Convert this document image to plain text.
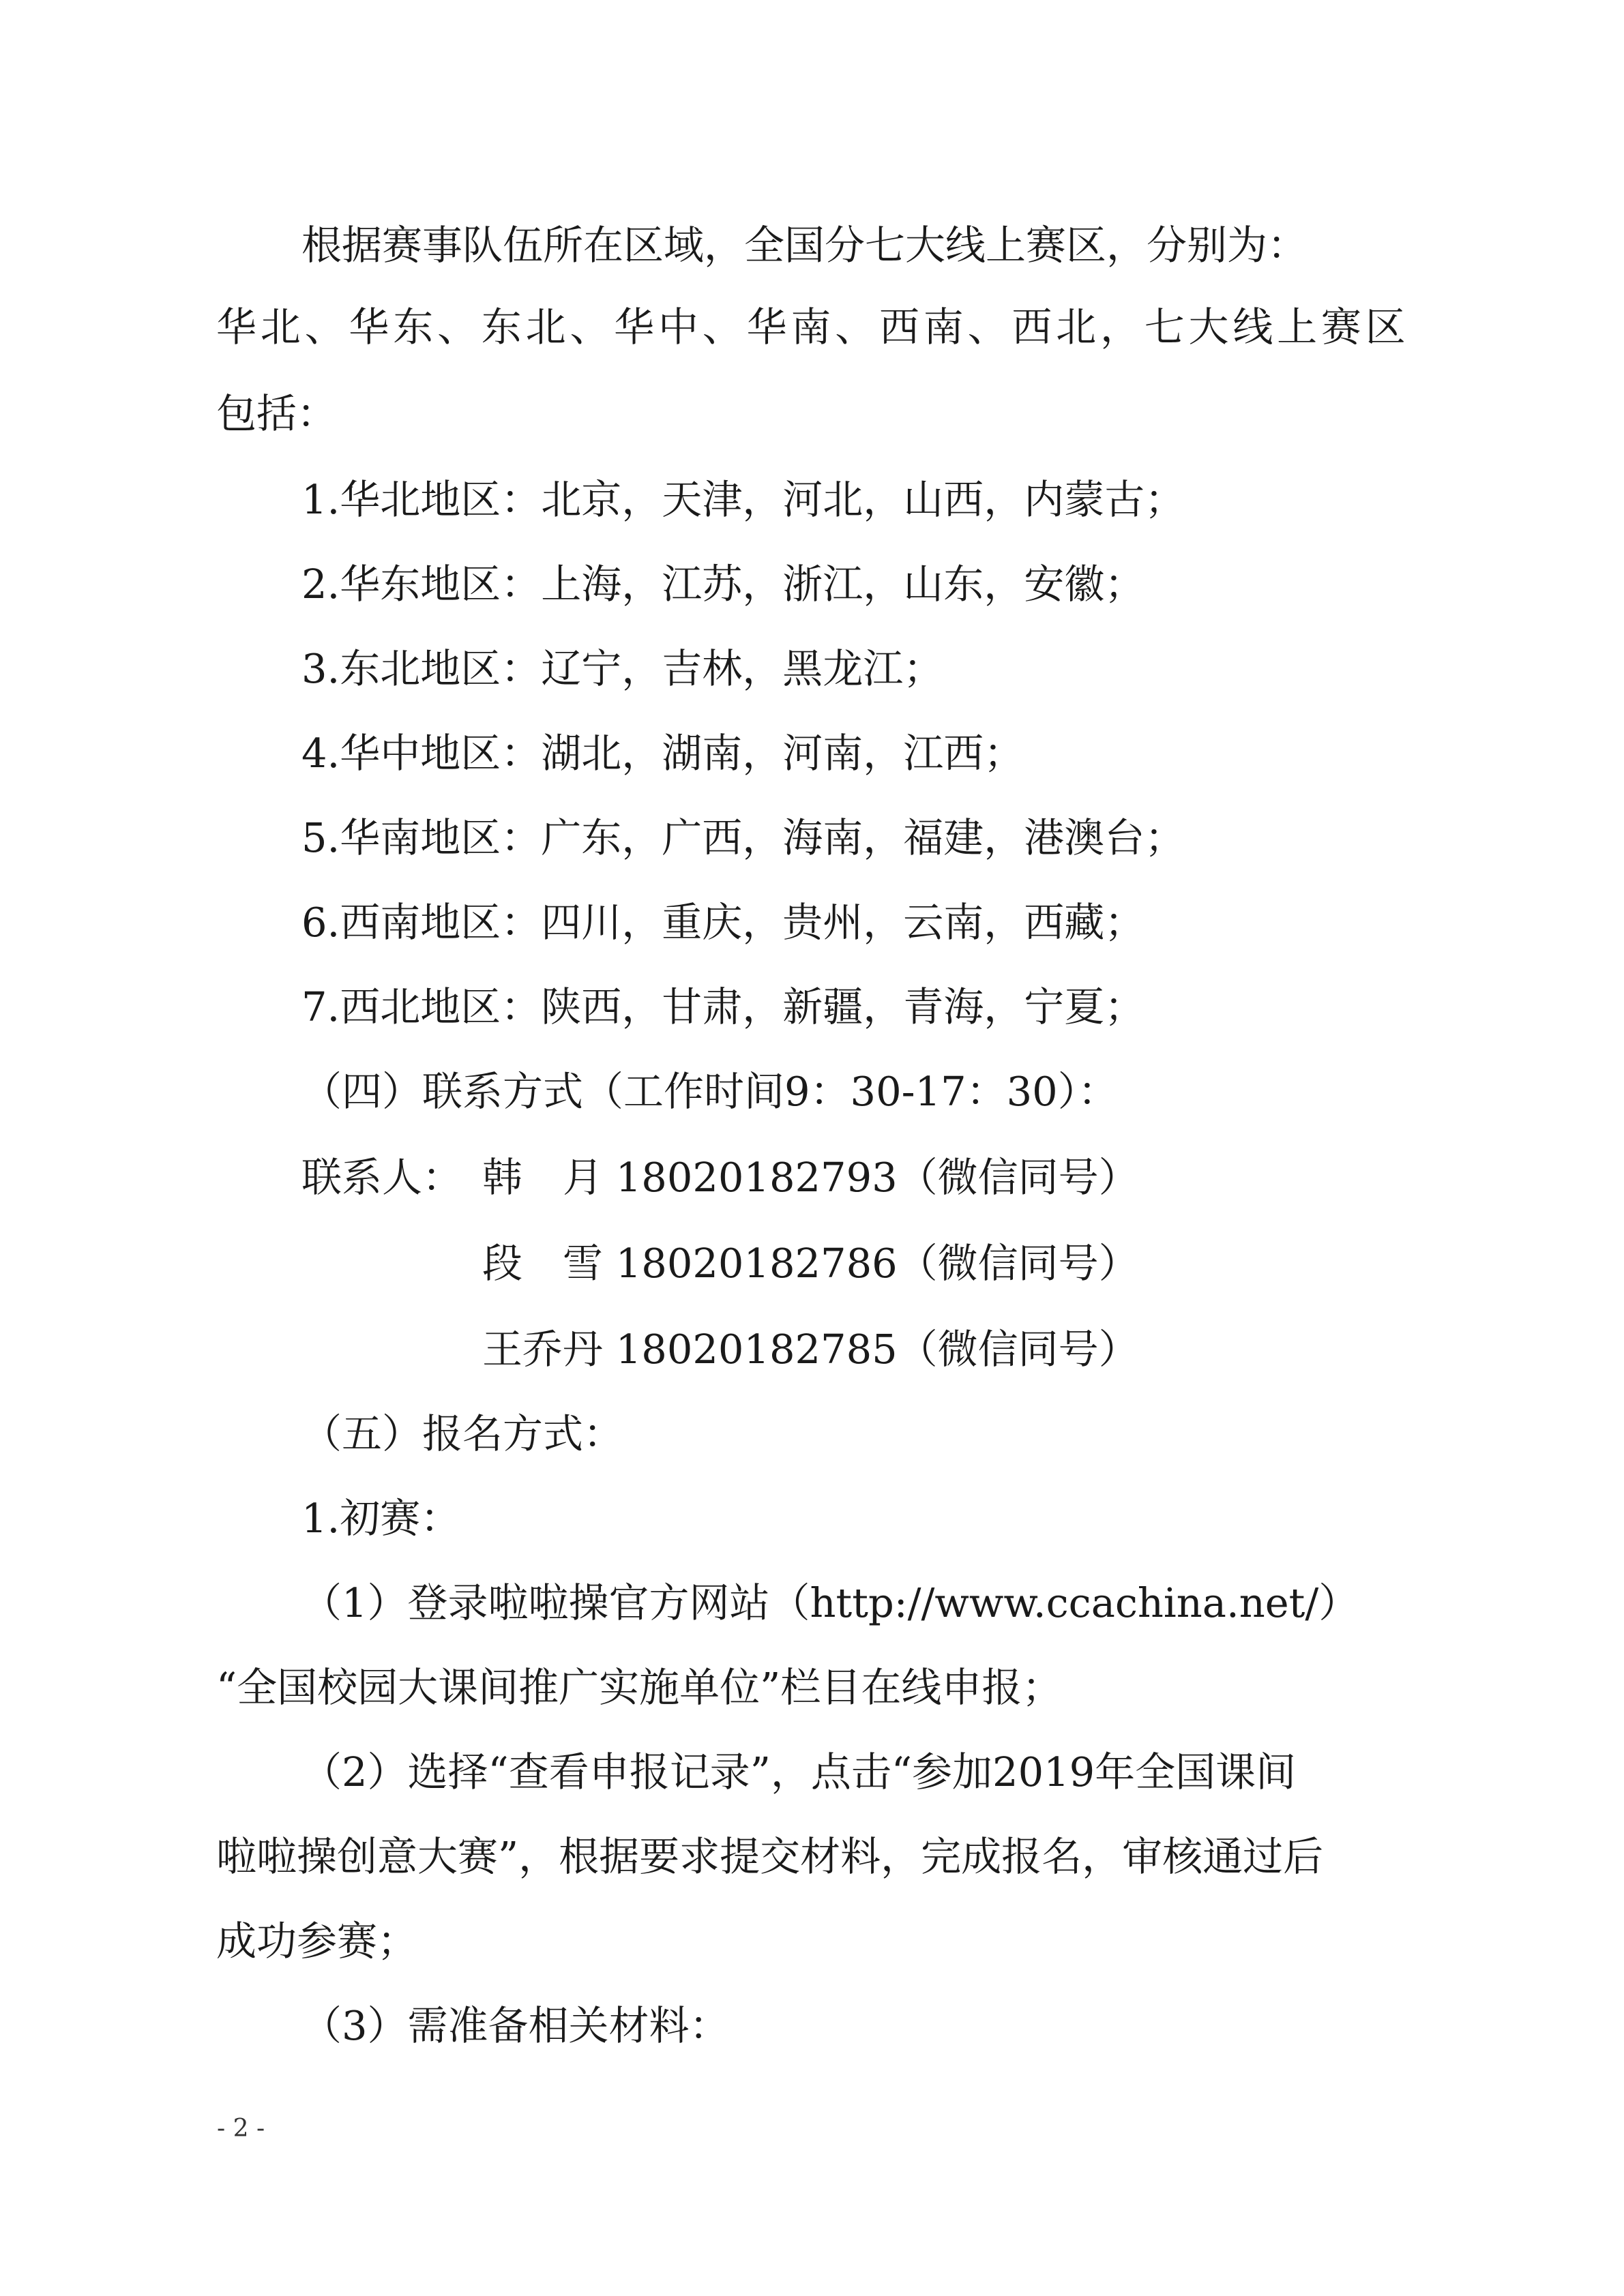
根据赛事队伍所在区域，全国分七大线上赛区，分别为：
华 北 、 华 东 、 东 北 、 华 中 、 华 南 、 西 南 、 西 北 ， 七 大 线 上 赛 区
包括：
1.华北地区：北京，天津，河北，山西，内蒙古；
2.华东地区：上海，江苏，浙江，山东，安徽；
3.东北地区：辽宁，吉林，黑龙江；
4.华中地区：湖北，湖南，河南，江西；
5.华南地区：广东，广西，海南，福建，港澳台；
6.西南地区：四川，重庆，贵州，云南，西藏；
7.西北地区：陕西，甘肃，新疆，青海，宁夏；
（四）联系方式（工作时间9：30-17：30）：
联系人： 韩　月 18020182793（微信同号）
段　雪 18020182786（微信同号）
王乔丹 18020182785（微信同号）
（五）报名方式：
1.初赛：
（1）登录啦啦操官方网站（http://www.ccachina.net/）
“全国校园大课间推广实施单位”栏目在线申报；
（2）选择“查看申报记录”，点击“参加2019年全国课间
啦啦操创意大赛”，根据要求提交材料，完成报名，审核通过后
成功参赛；
（3）需准备相关材料：
- 2 -
